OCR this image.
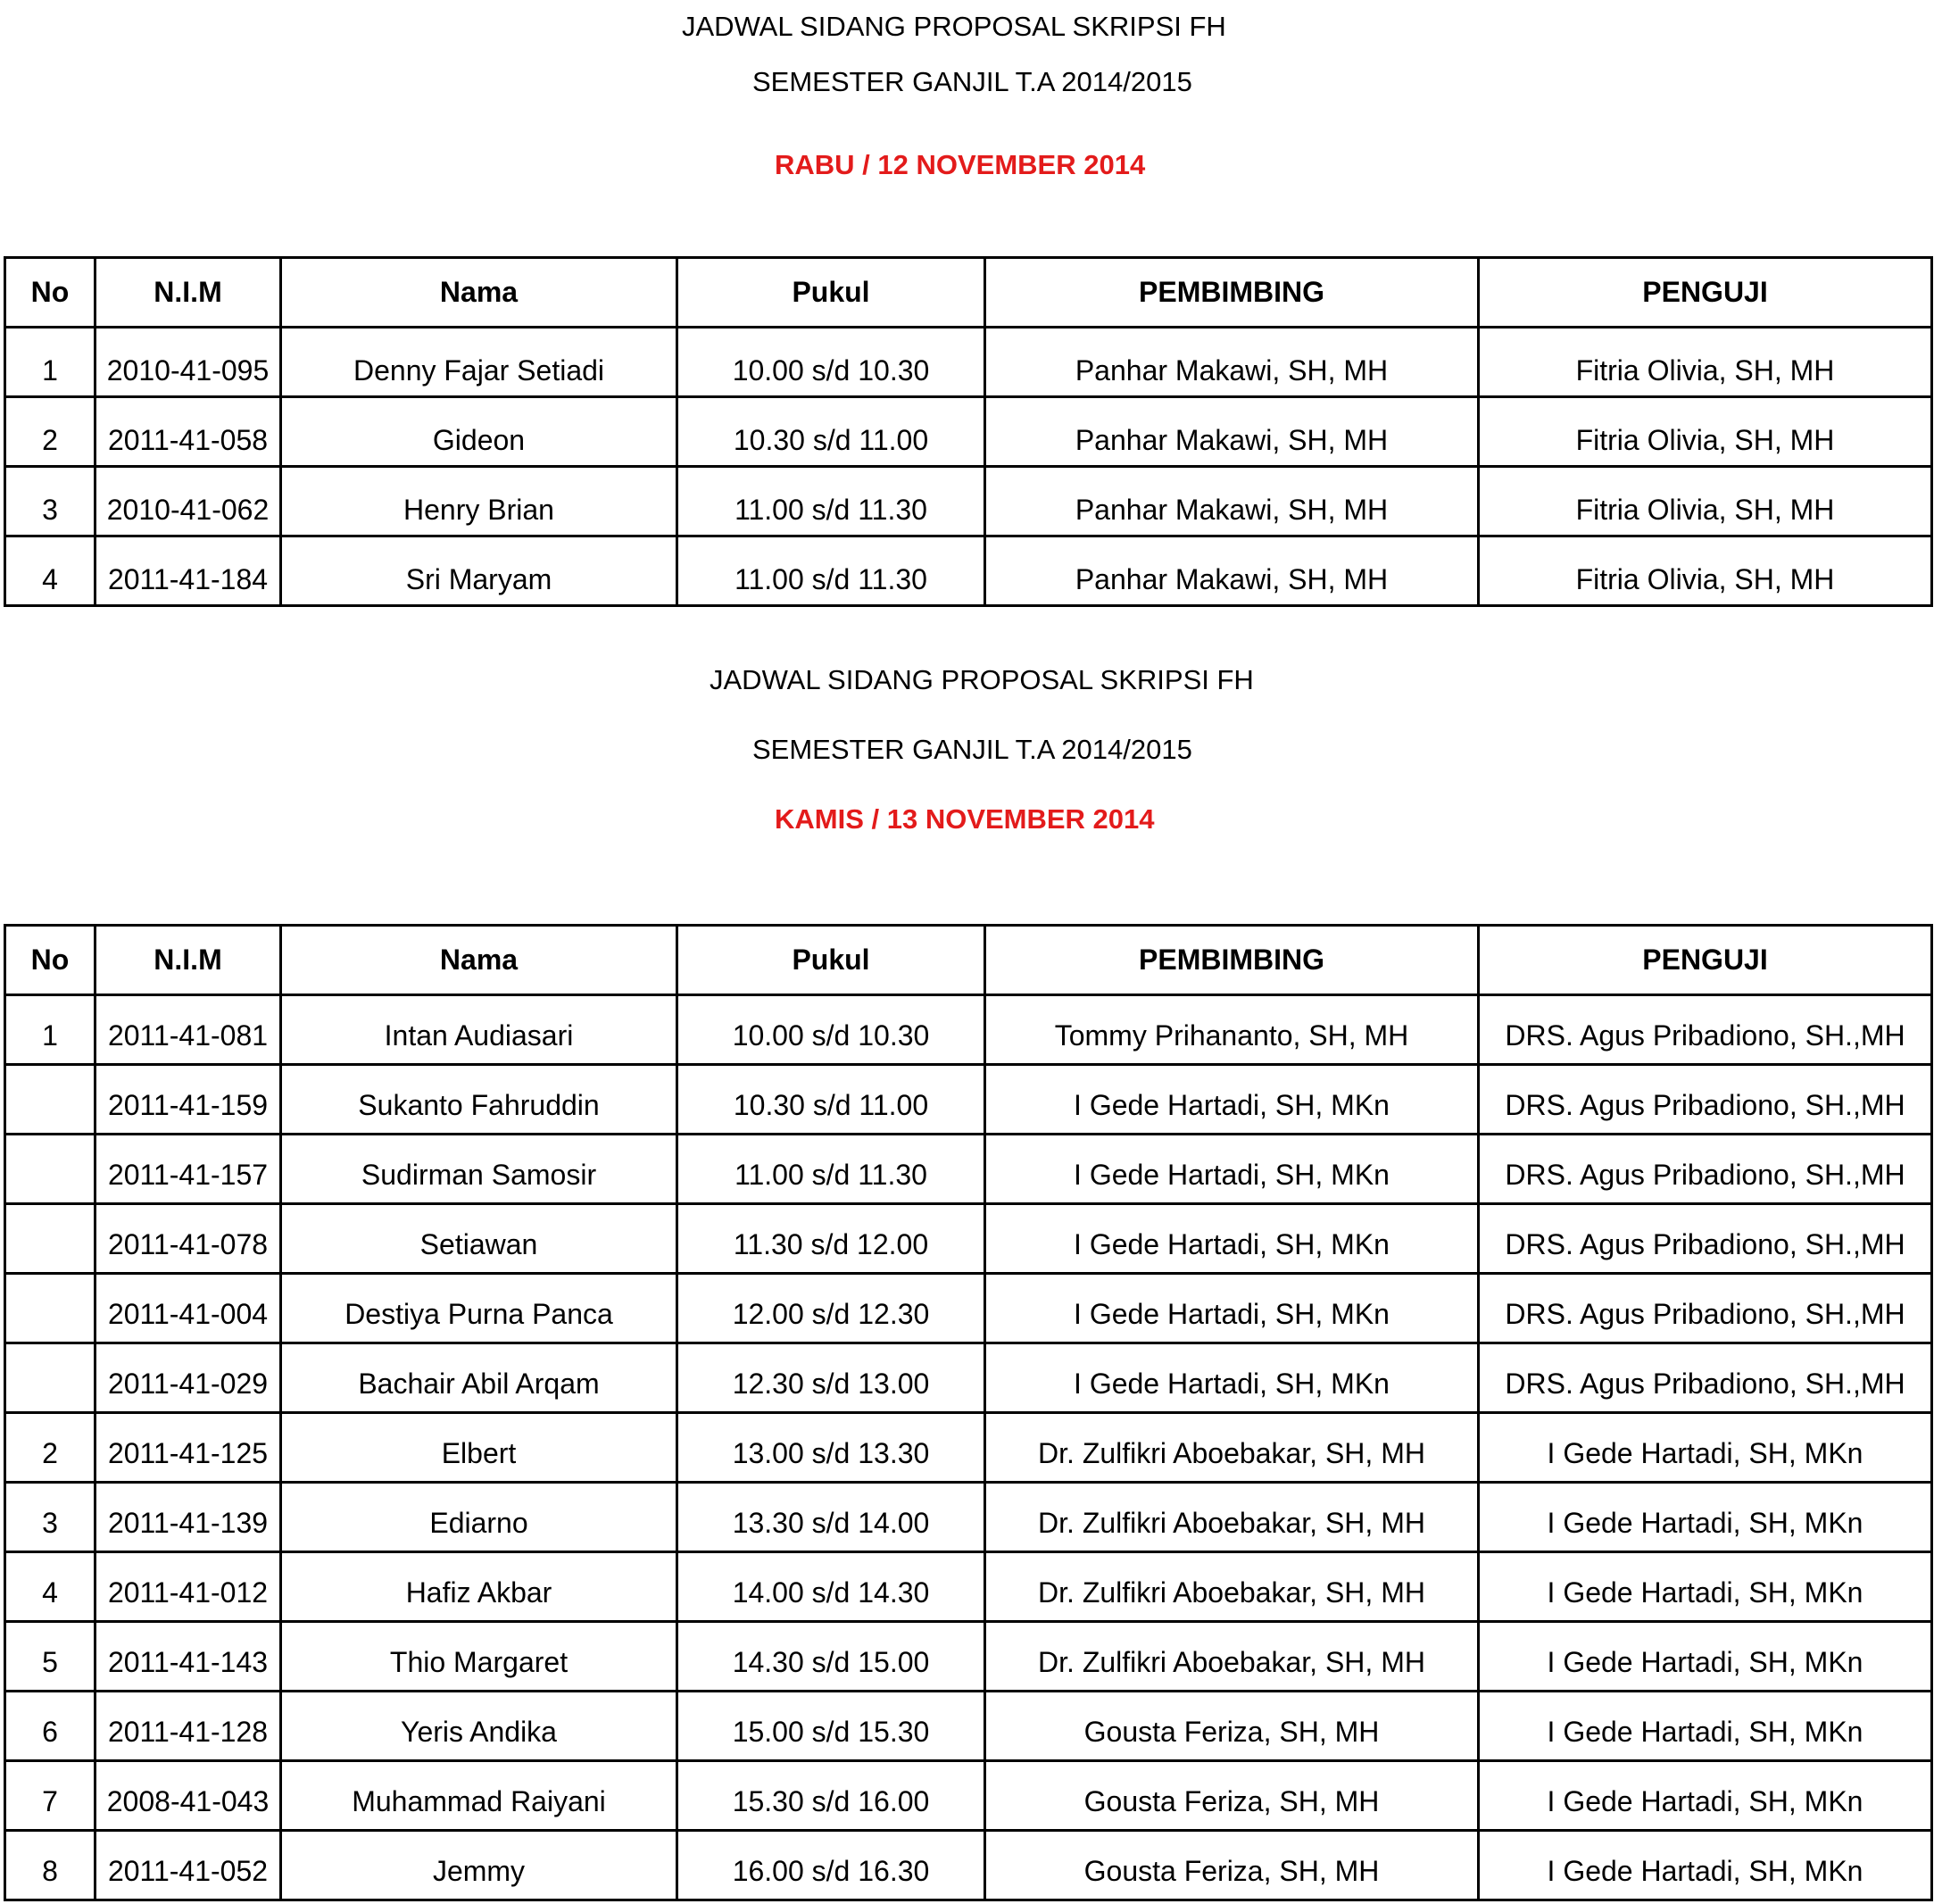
JADWAL SIDANG PROPOSAL SKRIPSI FH
SEMESTER GANJIL T.A 2014/2015
RABU / 12 NOVEMBER 2014
No	N.I.M	Nama	Pukul	PEMBIMBING	PENGUJI
1	2010-41-095	Denny Fajar Setiadi	10.00 s/d 10.30	Panhar Makawi, SH, MH	Fitria Olivia, SH, MH
2	2011-41-058	Gideon	10.30 s/d 11.00	Panhar Makawi, SH, MH	Fitria Olivia, SH, MH
3	2010-41-062	Henry Brian	11.00 s/d 11.30	Panhar Makawi, SH, MH	Fitria Olivia, SH, MH
4	2011-41-184	Sri Maryam	11.00 s/d 11.30	Panhar Makawi, SH, MH	Fitria Olivia, SH, MH
JADWAL SIDANG PROPOSAL SKRIPSI FH
SEMESTER GANJIL T.A 2014/2015
KAMIS / 13 NOVEMBER 2014
No	N.I.M	Nama	Pukul	PEMBIMBING	PENGUJI
1	2011-41-081	Intan Audiasari	10.00 s/d 10.30	Tommy Prihananto, SH, MH	DRS. Agus Pribadiono, SH.,MH
	2011-41-159	Sukanto Fahruddin	10.30 s/d 11.00	I Gede Hartadi, SH, MKn	DRS. Agus Pribadiono, SH.,MH
	2011-41-157	Sudirman Samosir	11.00 s/d 11.30	I Gede Hartadi, SH, MKn	DRS. Agus Pribadiono, SH.,MH
	2011-41-078	Setiawan	11.30 s/d 12.00	I Gede Hartadi, SH, MKn	DRS. Agus Pribadiono, SH.,MH
	2011-41-004	Destiya Purna Panca	12.00 s/d 12.30	I Gede Hartadi, SH, MKn	DRS. Agus Pribadiono, SH.,MH
	2011-41-029	Bachair Abil Arqam	12.30 s/d 13.00	I Gede Hartadi, SH, MKn	DRS. Agus Pribadiono, SH.,MH
2	2011-41-125	Elbert	13.00 s/d 13.30	Dr. Zulfikri Aboebakar, SH, MH	I Gede Hartadi, SH, MKn
3	2011-41-139	Ediarno	13.30 s/d 14.00	Dr. Zulfikri Aboebakar, SH, MH	I Gede Hartadi, SH, MKn
4	2011-41-012	Hafiz Akbar	14.00 s/d 14.30	Dr. Zulfikri Aboebakar, SH, MH	I Gede Hartadi, SH, MKn
5	2011-41-143	Thio Margaret	14.30 s/d 15.00	Dr. Zulfikri Aboebakar, SH, MH	I Gede Hartadi, SH, MKn
6	2011-41-128	Yeris Andika	15.00 s/d 15.30	Gousta Feriza, SH, MH	I Gede Hartadi, SH, MKn
7	2008-41-043	Muhammad Raiyani	15.30 s/d 16.00	Gousta Feriza, SH, MH	I Gede Hartadi, SH, MKn
8	2011-41-052	Jemmy	16.00 s/d 16.30	Gousta Feriza, SH, MH	I Gede Hartadi, SH, MKn
